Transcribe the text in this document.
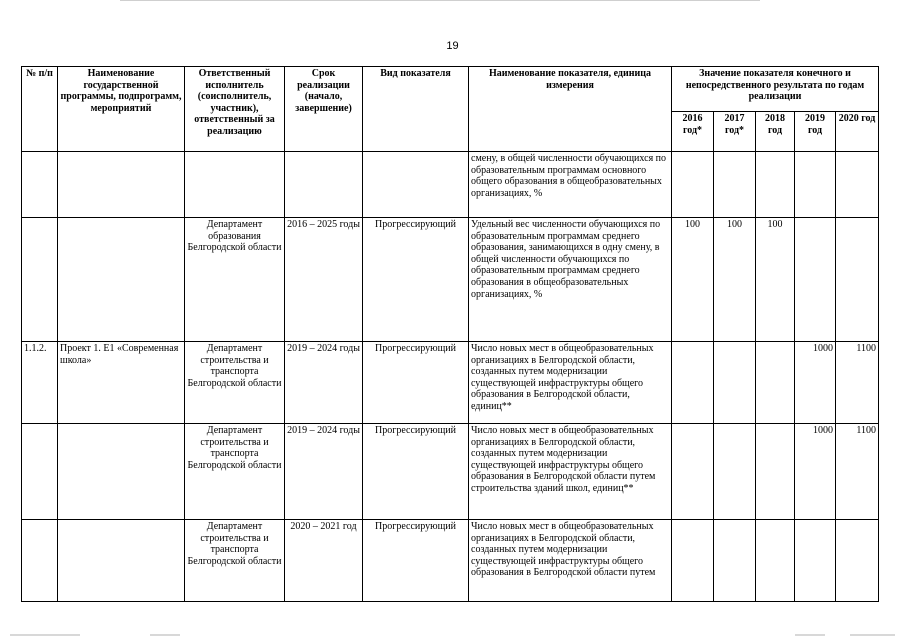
19
№ п/п	Наименование государственной программы, подпрограмм, мероприятий	Ответственный исполнитель (соисполнитель, участник), ответственный за реализацию	Срок реализации (начало, завершение)	Вид показателя	Наименование показателя, единица измерения	Значение показателя конечного и непосредственного результата по годам реализации				
						2016 год*	2017 год*	2018 год	2019 год	2020 год
					смену, в общей численности обучающихся по образовательным программам основного общего образования в общеобразовательных организациях, %					
		Департамент образования Белгородской области	2016 – 2025 годы	Прогрессирующий	Удельный вес численности обучающихся по образовательным программам среднего образования, занимающихся в одну смену, в общей численности обучающихся по образовательным программам среднего образования в общеобразовательных организациях, %	100	100	100		
1.1.2.	Проект 1. Е1 «Современная школа»	Департамент строительства и транспорта Белгородской области	2019 – 2024 годы	Прогрессирующий	Число новых мест в общеобразовательных организациях в Белгородской области, созданных путем модернизации существующей инфраструктуры общего образования в Белгородской области, единиц**				1000	1100
		Департамент строительства и транспорта Белгородской области	2019 – 2024 годы	Прогрессирующий	Число новых мест в общеобразовательных организациях в Белгородской области, созданных путем модернизации существующей инфраструктуры общего образования в Белгородской области путем строительства зданий школ, единиц**				1000	1100
		Департамент строительства и транспорта Белгородской области	2020 – 2021 год	Прогрессирующий	Число новых мест в общеобразовательных организациях в Белгородской области, созданных путем модернизации существующей инфраструктуры общего образования в Белгородской области путем					
